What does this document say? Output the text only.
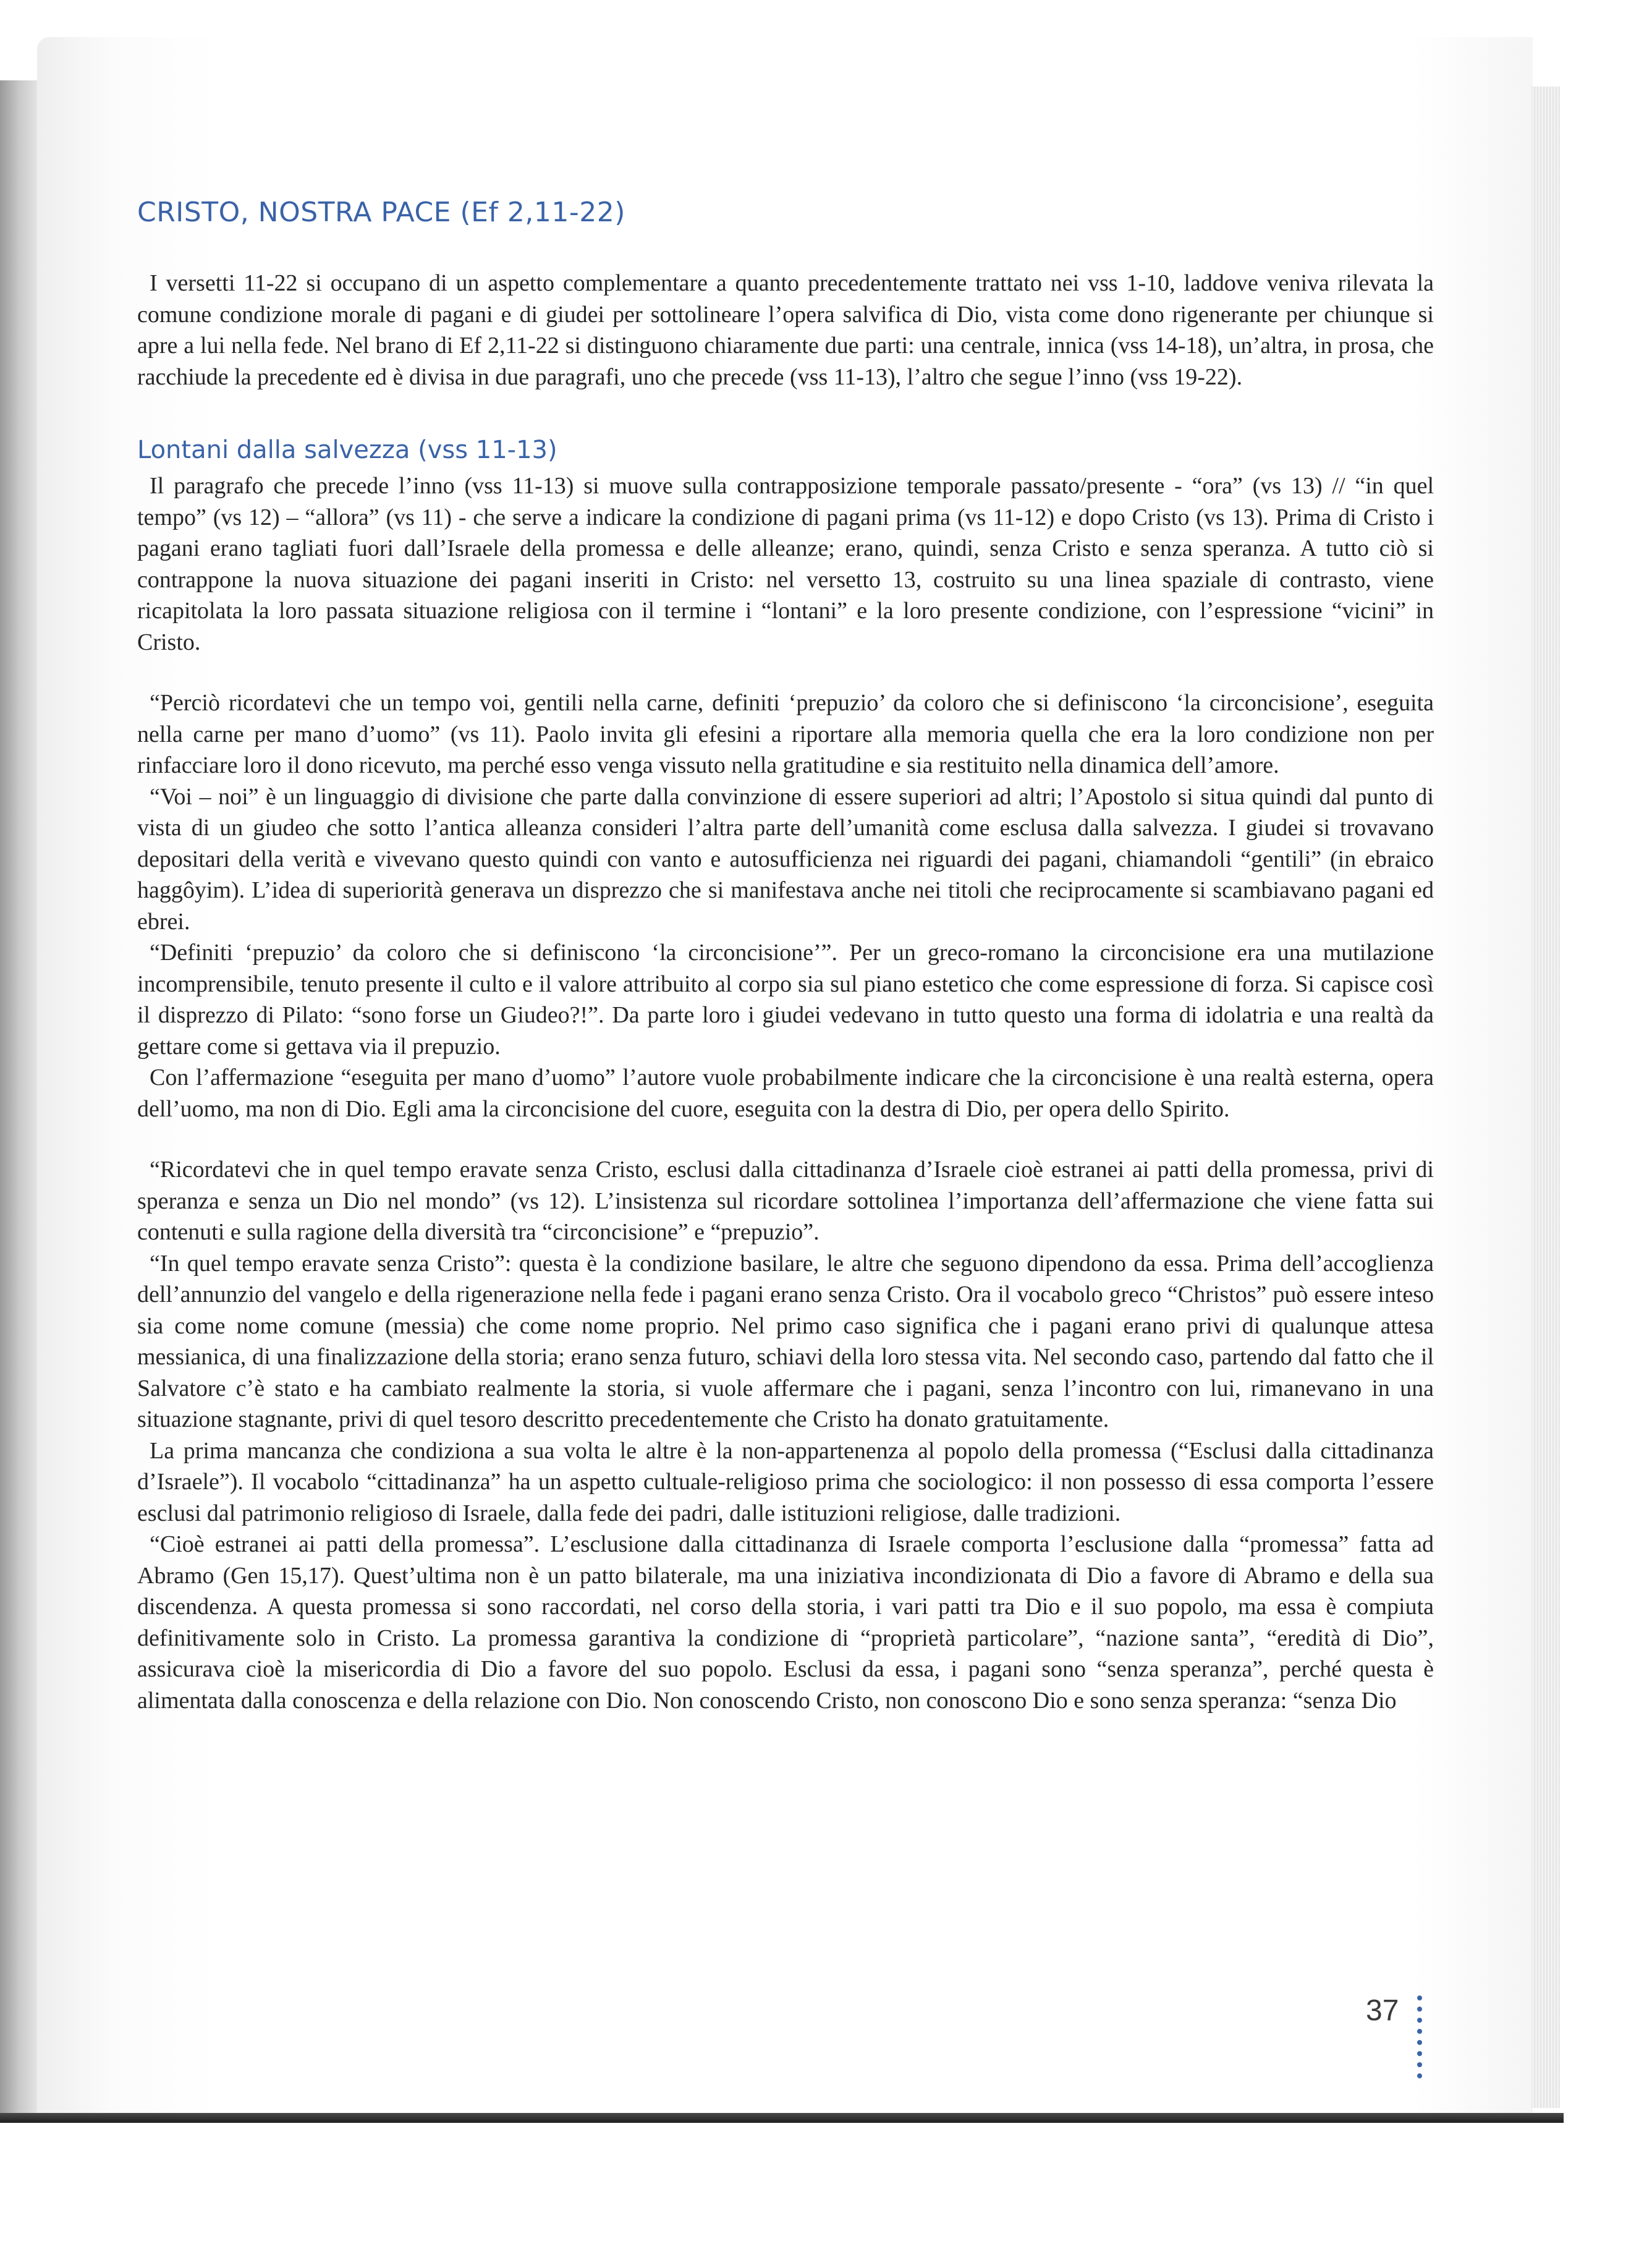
CRISTO, NOSTRA PACE (Ef 2,11-22)

I versetti 11-22 si occupano di un aspetto complementare a quanto precedentemente trattato nei vss 1-10, laddove veniva rilevata la comune condizione morale di pagani e di giudei per sottolineare l’opera salvifica di Dio, vista come dono rigenerante per chiunque si apre a lui nella fede. Nel brano di Ef 2,11-22 si distinguono chiaramente due parti: una centrale, innica (vss 14-18), un’altra, in prosa, che racchiude la precedente ed è divisa in due paragrafi, uno che precede (vss 11-13), l’altro che segue l’inno (vss 19-22).

Lontani dalla salvezza (vss 11-13)

Il paragrafo che precede l’inno (vss 11-13) si muove sulla contrapposizione temporale passato/presente - “ora” (vs 13) // “in quel tempo” (vs 12) – “allora” (vs 11) - che serve a indicare la condizione di pagani prima (vs 11-12) e dopo Cristo (vs 13). Prima di Cristo i pagani erano tagliati fuori dall’Israele della promessa e delle alleanze; erano, quindi, senza Cristo e senza speranza. A tutto ciò si contrappone la nuova situazione dei pagani inseriti in Cristo: nel versetto 13, costruito su una linea spaziale di contrasto, viene ricapitolata la loro passata situazione religiosa con il termine i “lontani” e la loro presente condizione, con l’espressione “vicini” in Cristo.

“Perciò ricordatevi che un tempo voi, gentili nella carne, definiti ‘prepuzio’ da coloro che si definiscono ‘la circoncisione’, eseguita nella carne per mano d’uomo” (vs 11). Paolo invita gli efesini a riportare alla memoria quella che era la loro condizione non per rinfacciare loro il dono ricevuto, ma perché esso venga vissuto nella gratitudine e sia restituito nella dinamica dell’amore.

“Voi – noi” è un linguaggio di divisione che parte dalla convinzione di essere superiori ad altri; l’Apostolo si situa quindi dal punto di vista di un giudeo che sotto l’antica alleanza consideri l’altra parte dell’umanità come esclusa dalla salvezza. I giudei si trovavano depositari della verità e vivevano questo quindi con vanto e autosufficienza nei riguardi dei pagani, chiamandoli “gentili” (in ebraico haggôyim). L’idea di superiorità generava un disprezzo che si manifestava anche nei titoli che reciprocamente si scambiavano pagani ed ebrei.

“Definiti ‘prepuzio’ da coloro che si definiscono ‘la circoncisione’”. Per un greco-romano la circoncisione era una mutilazione incomprensibile, tenuto presente il culto e il valore attribuito al corpo sia sul piano estetico che come espressione di forza. Si capisce così il disprezzo di Pilato: “sono forse un Giudeo?!”. Da parte loro i giudei vedevano in tutto questo una forma di idolatria e una realtà da gettare come si gettava via il prepuzio.

Con l’affermazione “eseguita per mano d’uomo” l’autore vuole probabilmente indicare che la circoncisione è una realtà esterna, opera dell’uomo, ma non di Dio. Egli ama la circoncisione del cuore, eseguita con la destra di Dio, per opera dello Spirito.

“Ricordatevi che in quel tempo eravate senza Cristo, esclusi dalla cittadinanza d’Israele cioè estranei ai patti della promessa, privi di speranza e senza un Dio nel mondo” (vs 12). L’insistenza sul ricordare sottolinea l’importanza dell’affermazione che viene fatta sui contenuti e sulla ragione della diversità tra “circoncisione” e “prepuzio”.

“In quel tempo eravate senza Cristo”: questa è la condizione basilare, le altre che seguono dipendono da essa. Prima dell’accoglienza dell’annunzio del vangelo e della rigenerazione nella fede i pagani erano senza Cristo. Ora il vocabolo greco “Christos” può essere inteso sia come nome comune (messia) che come nome proprio. Nel primo caso significa che i pagani erano privi di qualunque attesa messianica, di una finalizzazione della storia; erano senza futuro, schiavi della loro stessa vita. Nel secondo caso, partendo dal fatto che il Salvatore c’è stato e ha cambiato realmente la storia, si vuole affermare che i pagani, senza l’incontro con lui, rimanevano in una situazione stagnante, privi di quel tesoro descritto precedentemente che Cristo ha donato gratuitamente.

La prima mancanza che condiziona a sua volta le altre è la non-appartenenza al popolo della promessa (“Esclusi dalla cittadinanza d’Israele”). Il vocabolo “cittadinanza” ha un aspetto cultuale-religioso prima che sociologico: il non possesso di essa comporta l’essere esclusi dal patrimonio religioso di Israele, dalla fede dei padri, dalle istituzioni religiose, dalle tradizioni.

“Cioè estranei ai patti della promessa”. L’esclusione dalla cittadinanza di Israele comporta l’esclusione dalla “promessa” fatta ad Abramo (Gen 15,17). Quest’ultima non è un patto bilaterale, ma una iniziativa incondizionata di Dio a favore di Abramo e della sua discendenza. A questa promessa si sono raccordati, nel corso della storia, i vari patti tra Dio e il suo popolo, ma essa è compiuta definitivamente solo in Cristo. La promessa garantiva la condizione di “proprietà particolare”, “nazione santa”, “eredità di Dio”, assicurava cioè la misericordia di Dio a favore del suo popolo. Esclusi da essa, i pagani sono “senza speranza”, perché questa è alimentata dalla conoscenza e della relazione con Dio. Non conoscendo Cristo, non conoscono Dio e sono senza speranza: “senza Dio

37
